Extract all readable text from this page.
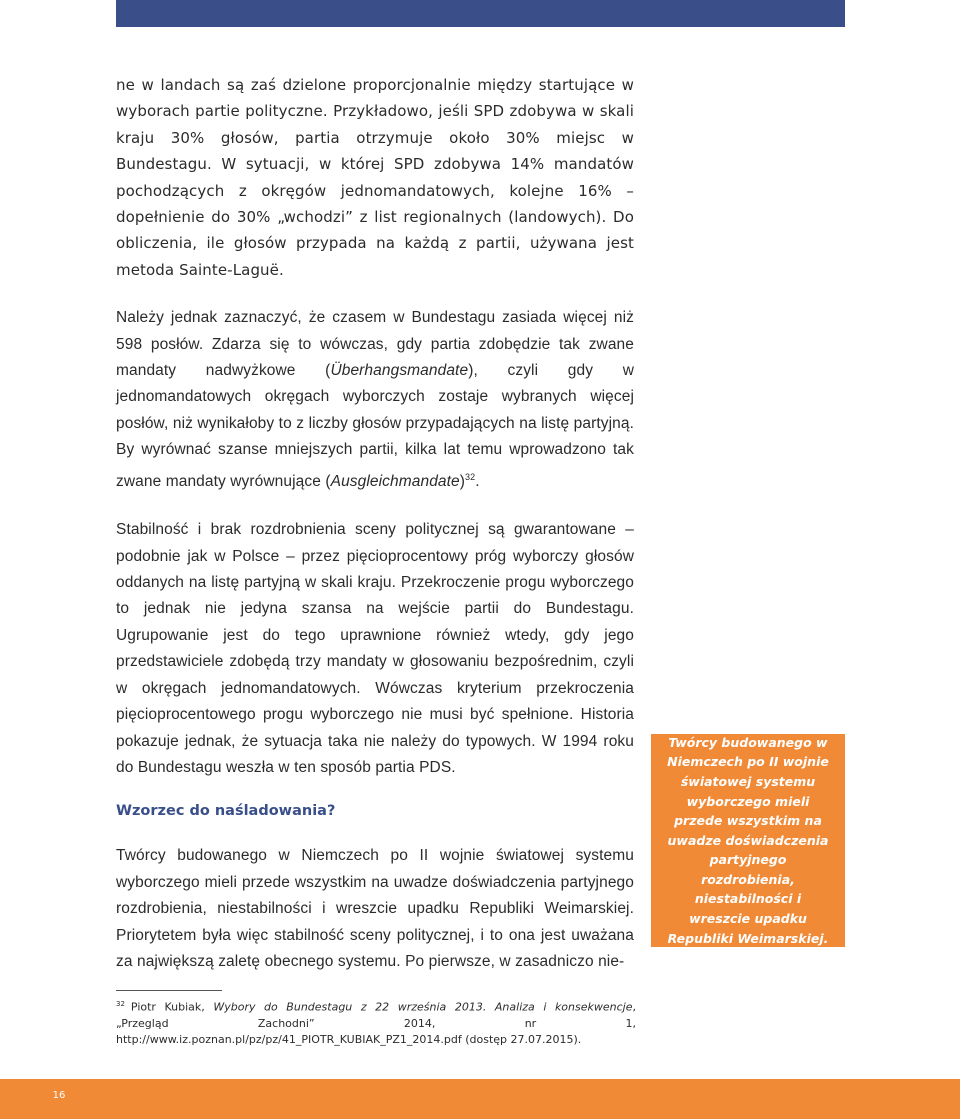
ne w landach są zaś dzielone proporcjonalnie między startujące w wyborach partie polityczne. Przykładowo, jeśli SPD zdobywa w skali kraju 30% głosów, partia otrzymuje około 30% miejsc w Bundestagu. W sytuacji, w której SPD zdobywa 14% mandatów pochodzących z okręgów jednomandatowych, kolejne 16% – dopełnienie do 30% „wchodzi” z list regionalnych (landowych). Do obliczenia, ile głosów przypada na każdą z partii, używana jest metoda Sainte-Laguë.

Należy jednak zaznaczyć, że czasem w Bundestagu zasiada więcej niż 598 posłów. Zdarza się to wówczas, gdy partia zdobędzie tak zwane mandaty nadwyżkowe (Überhangsmandate), czyli gdy w jednomandatowych okręgach wyborczych zostaje wybranych więcej posłów, niż wynikałoby to z liczby głosów przypadających na listę partyjną. By wyrównać szanse mniejszych partii, kilka lat temu wprowadzono tak zwane mandaty wyrównujące (Ausgleichmandate)$^{32}$.

Stabilność i brak rozdrobnienia sceny politycznej są gwarantowane – podobnie jak w Polsce – przez pięcioprocentowy próg wyborczy głosów oddanych na listę partyjną w skali kraju. Przekroczenie progu wyborczego to jednak nie jedyna szansa na wejście partii do Bundestagu. Ugrupowanie jest do tego uprawnione również wtedy, gdy jego przedstawiciele zdobędą trzy mandaty w głosowaniu bezpośrednim, czyli w okręgach jednomandatowych. Wówczas kryterium przekroczenia pięcioprocentowego progu wyborczego nie musi być spełnione. Historia pokazuje jednak, że sytuacja taka nie należy do typowych. W 1994 roku do Bundestagu weszła w ten sposób partia PDS.

Wzorzec do naśladowania?

Twórcy budowanego w Niemczech po II wojnie światowej systemu wyborczego mieli przede wszystkim na uwadze doświadczenia partyjnego rozdrobienia, niestabilności i wreszcie upadku Republiki Weimarskiej. Priorytetem była więc stabilność sceny politycznej, i to ona jest uważana za największą zaletę obecnego systemu. Po pierwsze, w zasadniczo nie-

Twórcy budowanego w Niemczech po II wojnie światowej systemu wyborczego mieli przede wszystkim na uwadze doświadczenia partyjnego rozdrobienia, niestabilności i wreszcie upadku Republiki Weimarskiej.
$^{32}$ Piotr Kubiak, Wybory do Bundestagu z 22 września 2013. Analiza i konsekwencje, „Przegląd Zachodni” 2014, nr 1, http://www.iz.poznan.pl/pz/pz/41_PIOTR_KUBIAK_PZ1_2014.pdf (dostęp 27.07.2015).
16
